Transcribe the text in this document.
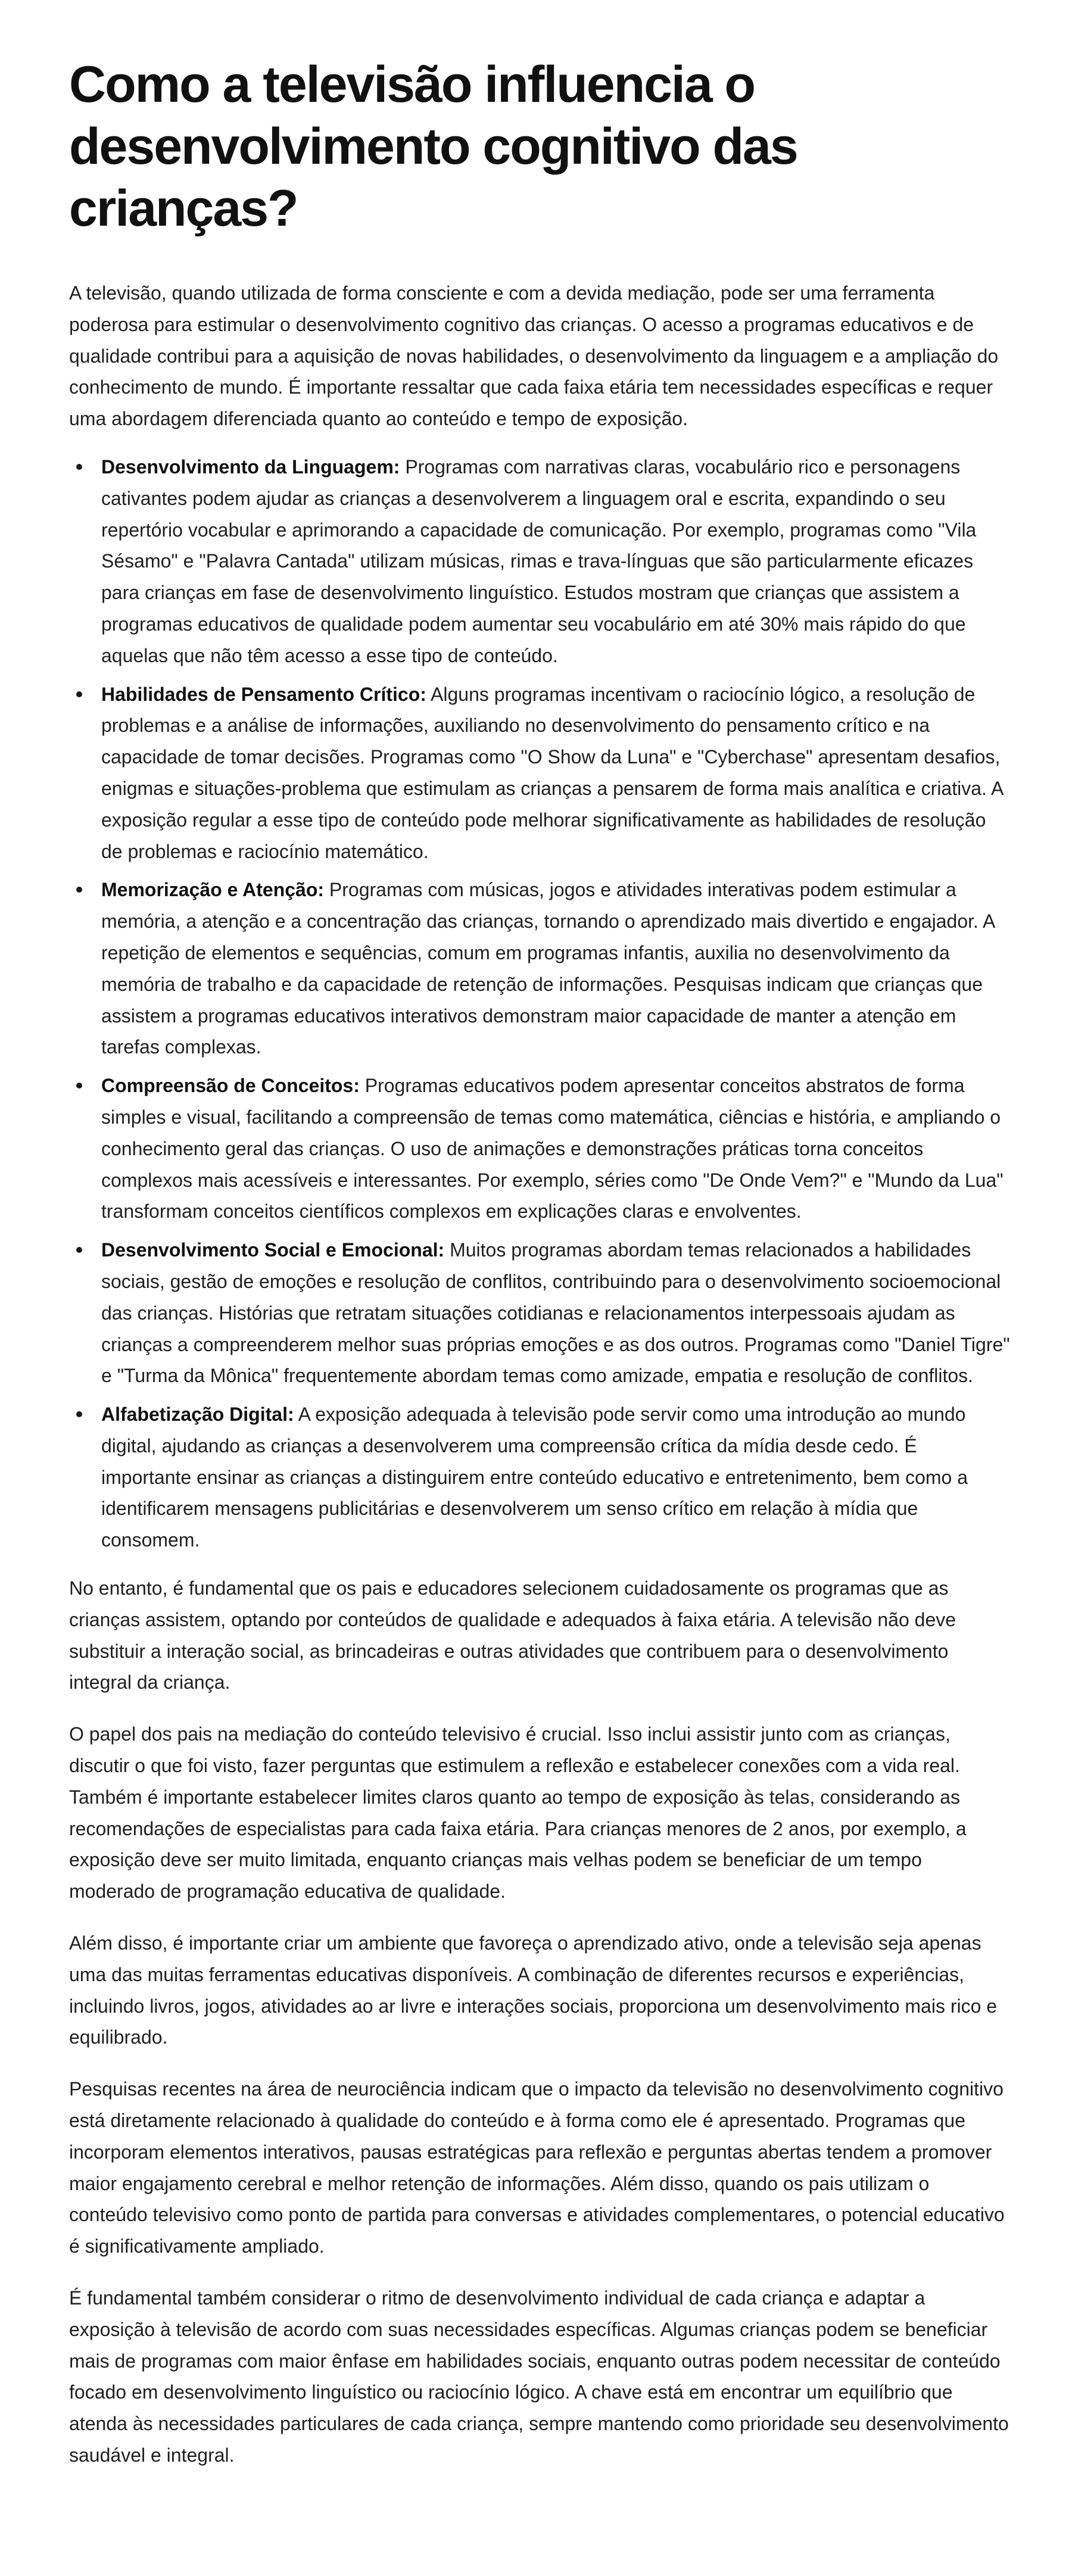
Como a televisão influencia o desenvolvimento cognitivo das crianças?

A televisão, quando utilizada de forma consciente e com a devida mediação, pode ser uma ferramenta poderosa para estimular o desenvolvimento cognitivo das crianças. O acesso a programas educativos e de qualidade contribui para a aquisição de novas habilidades, o desenvolvimento da linguagem e a ampliação do conhecimento de mundo. É importante ressaltar que cada faixa etária tem necessidades específicas e requer uma abordagem diferenciada quanto ao conteúdo e tempo de exposição.

Desenvolvimento da Linguagem: Programas com narrativas claras, vocabulário rico e personagens cativantes podem ajudar as crianças a desenvolverem a linguagem oral e escrita, expandindo o seu repertório vocabular e aprimorando a capacidade de comunicação. Por exemplo, programas como "Vila Sésamo" e "Palavra Cantada" utilizam músicas, rimas e trava-línguas que são particularmente eficazes para crianças em fase de desenvolvimento linguístico. Estudos mostram que crianças que assistem a programas educativos de qualidade podem aumentar seu vocabulário em até 30% mais rápido do que aquelas que não têm acesso a esse tipo de conteúdo.
Habilidades de Pensamento Crítico: Alguns programas incentivam o raciocínio lógico, a resolução de problemas e a análise de informações, auxiliando no desenvolvimento do pensamento crítico e na capacidade de tomar decisões. Programas como "O Show da Luna" e "Cyberchase" apresentam desafios, enigmas e situações-problema que estimulam as crianças a pensarem de forma mais analítica e criativa. A exposição regular a esse tipo de conteúdo pode melhorar significativamente as habilidades de resolução de problemas e raciocínio matemático.
Memorização e Atenção: Programas com músicas, jogos e atividades interativas podem estimular a memória, a atenção e a concentração das crianças, tornando o aprendizado mais divertido e engajador. A repetição de elementos e sequências, comum em programas infantis, auxilia no desenvolvimento da memória de trabalho e da capacidade de retenção de informações. Pesquisas indicam que crianças que assistem a programas educativos interativos demonstram maior capacidade de manter a atenção em tarefas complexas.
Compreensão de Conceitos: Programas educativos podem apresentar conceitos abstratos de forma simples e visual, facilitando a compreensão de temas como matemática, ciências e história, e ampliando o conhecimento geral das crianças. O uso de animações e demonstrações práticas torna conceitos complexos mais acessíveis e interessantes. Por exemplo, séries como "De Onde Vem?" e "Mundo da Lua" transformam conceitos científicos complexos em explicações claras e envolventes.
Desenvolvimento Social e Emocional: Muitos programas abordam temas relacionados a habilidades sociais, gestão de emoções e resolução de conflitos, contribuindo para o desenvolvimento socioemocional das crianças. Histórias que retratam situações cotidianas e relacionamentos interpessoais ajudam as crianças a compreenderem melhor suas próprias emoções e as dos outros. Programas como "Daniel Tigre" e "Turma da Mônica" frequentemente abordam temas como amizade, empatia e resolução de conflitos.
Alfabetização Digital: A exposição adequada à televisão pode servir como uma introdução ao mundo digital, ajudando as crianças a desenvolverem uma compreensão crítica da mídia desde cedo. É importante ensinar as crianças a distinguirem entre conteúdo educativo e entretenimento, bem como a identificarem mensagens publicitárias e desenvolverem um senso crítico em relação à mídia que consomem.

No entanto, é fundamental que os pais e educadores selecionem cuidadosamente os programas que as crianças assistem, optando por conteúdos de qualidade e adequados à faixa etária. A televisão não deve substituir a interação social, as brincadeiras e outras atividades que contribuem para o desenvolvimento integral da criança.

O papel dos pais na mediação do conteúdo televisivo é crucial. Isso inclui assistir junto com as crianças, discutir o que foi visto, fazer perguntas que estimulem a reflexão e estabelecer conexões com a vida real. Também é importante estabelecer limites claros quanto ao tempo de exposição às telas, considerando as recomendações de especialistas para cada faixa etária. Para crianças menores de 2 anos, por exemplo, a exposição deve ser muito limitada, enquanto crianças mais velhas podem se beneficiar de um tempo moderado de programação educativa de qualidade.

Além disso, é importante criar um ambiente que favoreça o aprendizado ativo, onde a televisão seja apenas uma das muitas ferramentas educativas disponíveis. A combinação de diferentes recursos e experiências, incluindo livros, jogos, atividades ao ar livre e interações sociais, proporciona um desenvolvimento mais rico e equilibrado.

Pesquisas recentes na área de neurociência indicam que o impacto da televisão no desenvolvimento cognitivo está diretamente relacionado à qualidade do conteúdo e à forma como ele é apresentado. Programas que incorporam elementos interativos, pausas estratégicas para reflexão e perguntas abertas tendem a promover maior engajamento cerebral e melhor retenção de informações. Além disso, quando os pais utilizam o conteúdo televisivo como ponto de partida para conversas e atividades complementares, o potencial educativo é significativamente ampliado.

É fundamental também considerar o ritmo de desenvolvimento individual de cada criança e adaptar a exposição à televisão de acordo com suas necessidades específicas. Algumas crianças podem se beneficiar mais de programas com maior ênfase em habilidades sociais, enquanto outras podem necessitar de conteúdo focado em desenvolvimento linguístico ou raciocínio lógico. A chave está em encontrar um equilíbrio que atenda às necessidades particulares de cada criança, sempre mantendo como prioridade seu desenvolvimento saudável e integral.
